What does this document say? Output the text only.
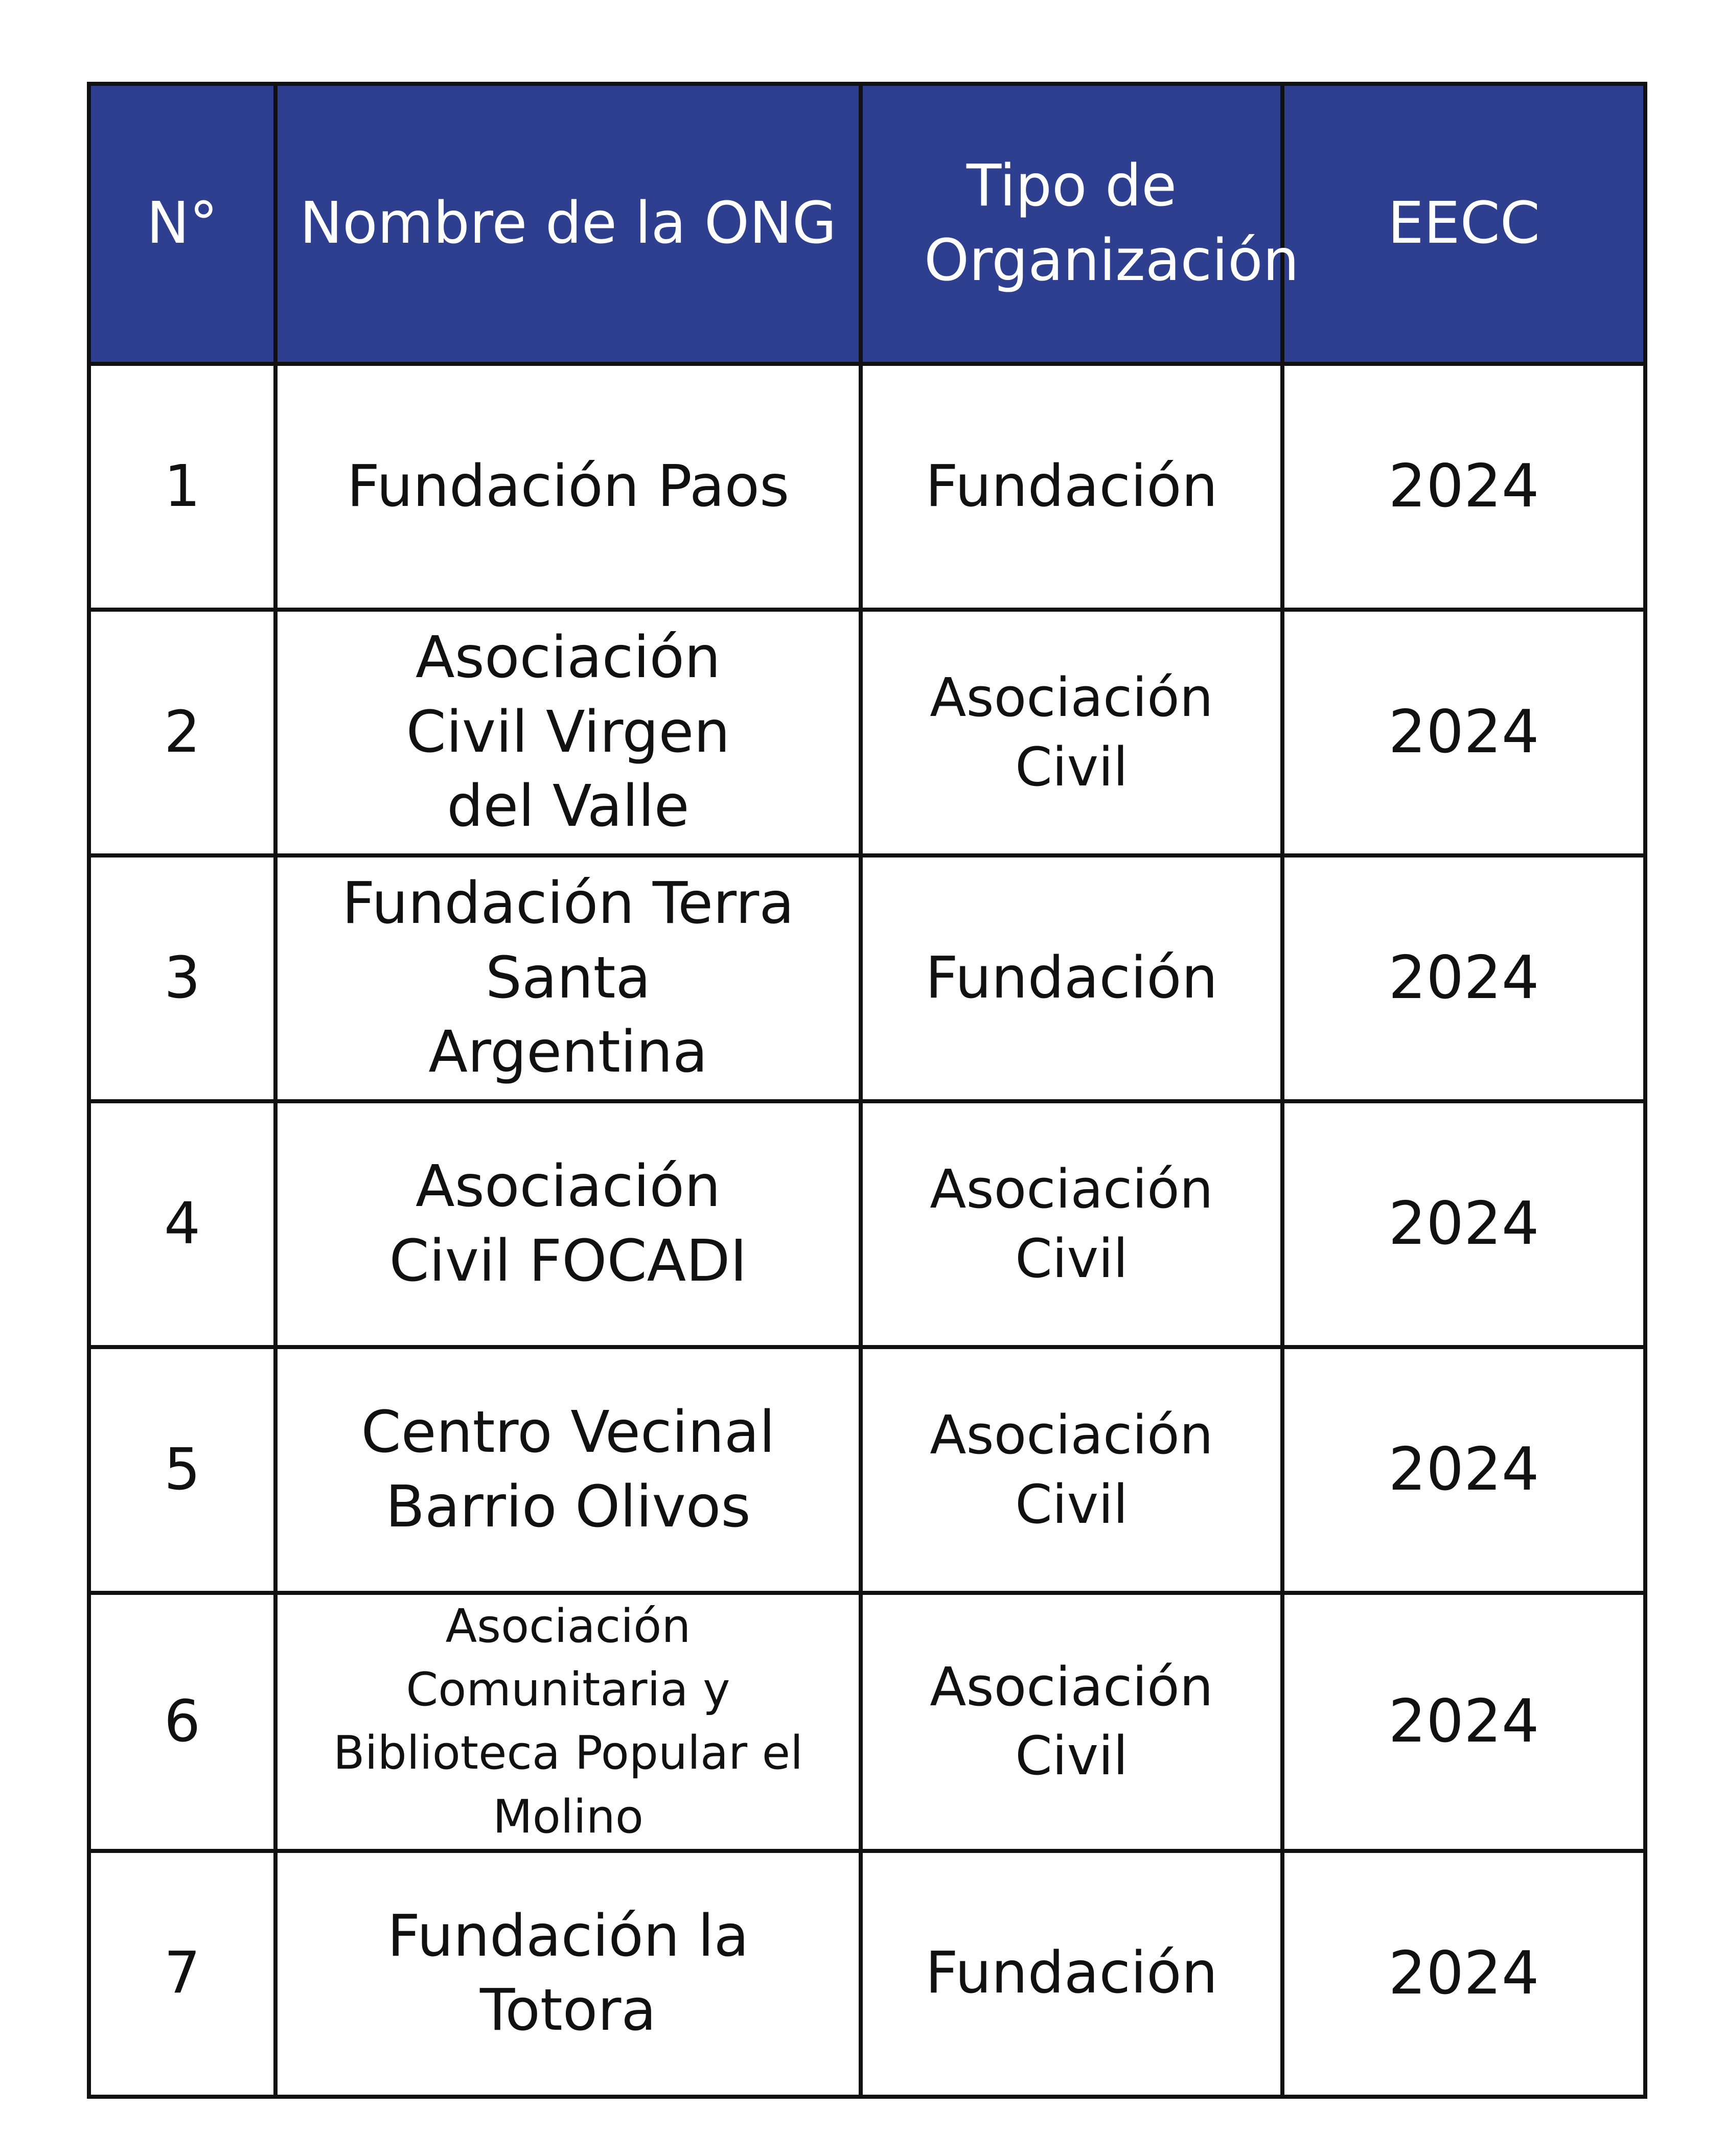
N°	Nombre de la ONG	Tipo de Organización	EECC
1	Fundación Paos	Fundación	2024
2	Asociación Civil Virgen del Valle	Asociación Civil	2024
3	Fundación Terra Santa Argentina	Fundación	2024
4	Asociación Civil FOCADI	Asociación Civil	2024
5	Centro Vecinal Barrio Olivos	Asociación Civil	2024
6	Asociación Comunitaria y Biblioteca Popular el Molino	Asociación Civil	2024
7	Fundación la Totora	Fundación	2024
